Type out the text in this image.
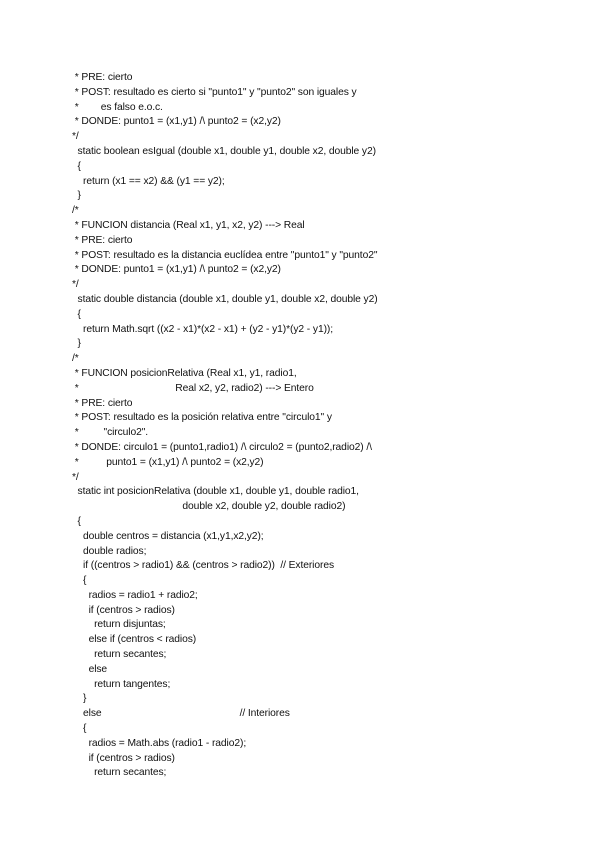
* PRE: cierto
* POST: resultado es cierto si "punto1" y "punto2" son iguales y
*        es falso e.o.c.
* DONDE: punto1 = (x1,y1) /\ punto2 = (x2,y2)
*/
static boolean esIgual (double x1, double y1, double x2, double y2)
{
return (x1 == x2) && (y1 == y2);
}
/*
* FUNCION distancia (Real x1, y1, x2, y2) ---> Real
* PRE: cierto
* POST: resultado es la distancia euclídea entre "punto1" y "punto2"
* DONDE: punto1 = (x1,y1) /\ punto2 = (x2,y2)
*/
static double distancia (double x1, double y1, double x2, double y2)
{
return Math.sqrt ((x2 - x1)*(x2 - x1) + (y2 - y1)*(y2 - y1));
}
/*
* FUNCION posicionRelativa (Real x1, y1, radio1,
*                                   Real x2, y2, radio2) ---> Entero
* PRE: cierto
* POST: resultado es la posición relativa entre "circulo1" y
*         "circulo2".
* DONDE: circulo1 = (punto1,radio1) /\ circulo2 = (punto2,radio2) /\
*          punto1 = (x1,y1) /\ punto2 = (x2,y2)
*/
static int posicionRelativa (double x1, double y1, double radio1,
double x2, double y2, double radio2)
{
double centros = distancia (x1,y1,x2,y2);
double radios;
if ((centros > radio1) && (centros > radio2))  // Exteriores
{
radios = radio1 + radio2;
if (centros > radios)
return disjuntas;
else if (centros < radios)
return secantes;
else
return tangentes;
}
else                                                  // Interiores
{
radios = Math.abs (radio1 - radio2);
if (centros > radios)
return secantes;
